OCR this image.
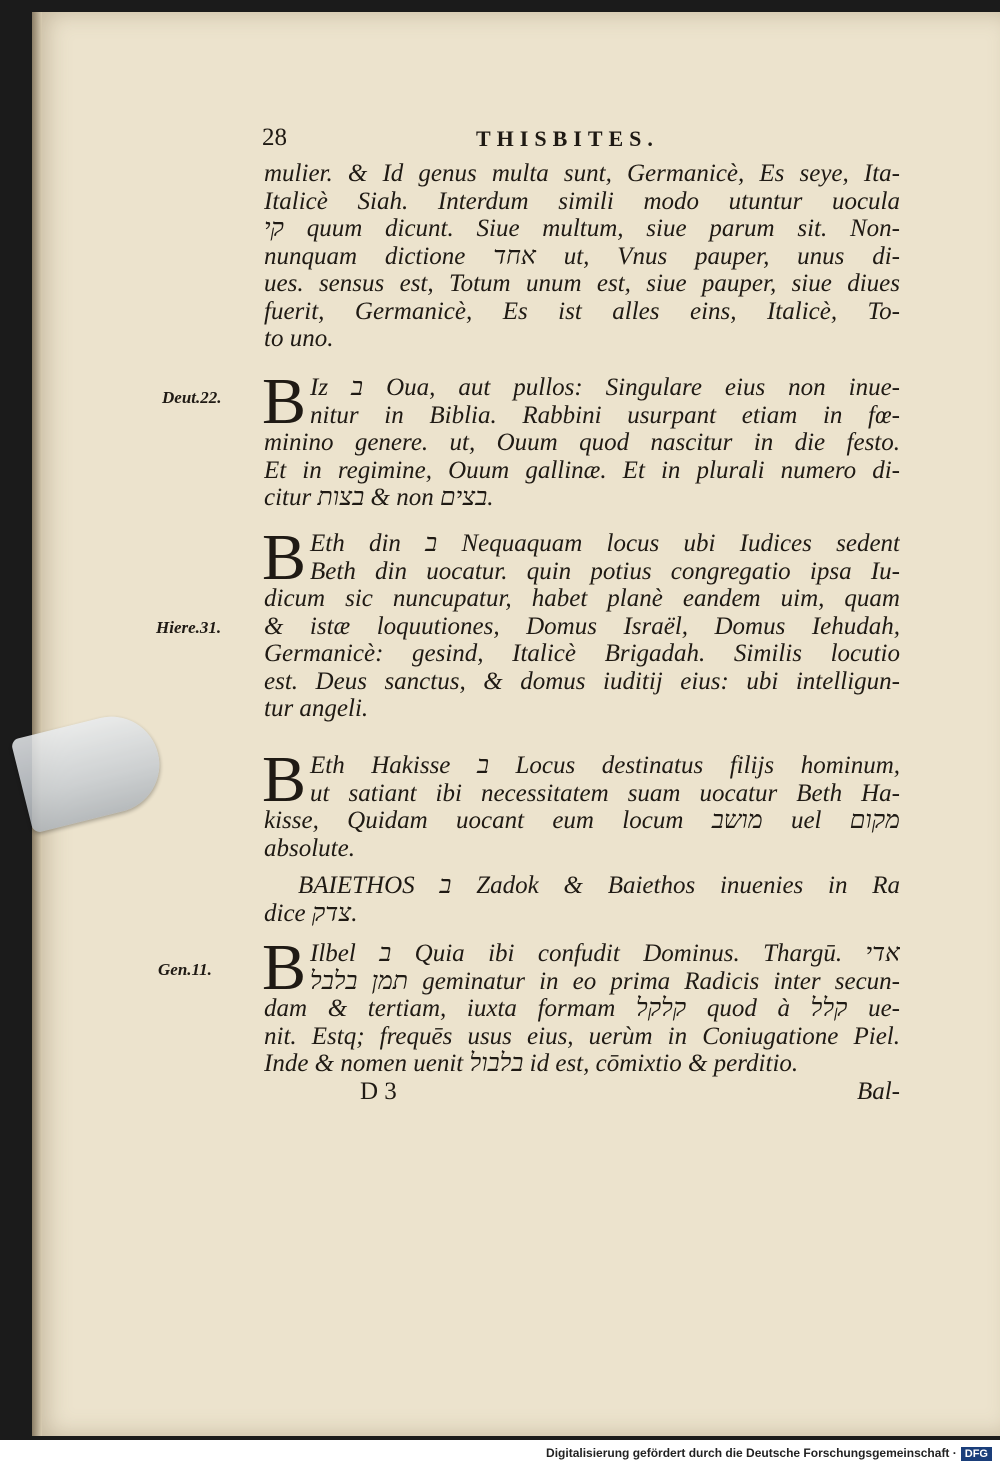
28	THISBITES.
mulier. & Id genus multa sunt, Germanicè, Es seye, Ita-
Italicè Siah. Interdum simili modo utuntur uocula
קי quum dicunt. Siue multum, siue parum sit. Non-
nunquam dictione אחד ut, Vnus pauper, unus di-
ues. sensus est, Totum unum est, siue pauper, siue diues
fuerit, Germanicè, Es ist alles eins, Italicè, To-
to uno.
Deut.22. B Iz ב Oua, aut pullos: Singulare eius non inue-
nitur in Biblia. Rabbini usurpant etiam in fœ-
minino genere. ut, Ouum quod nascitur in die festo.
Et in regimine, Ouum gallinæ. Et in plurali numero di-
citur בצות & non בצים.
Hiere.31.
B Eth din ב Nequaquam locus ubi Iudices sedent
Beth din uocatur. quin potius congregatio ipsa Iu-
dicum sic nuncupatur, habet planè eandem uim, quam
& istæ loquutiones, Domus Israël, Domus Iehudah,
Germanicè: gesind, Italicè Brigadah. Similis locutio
est. Deus sanctus, & domus iuditij eius: ubi intelligun-
tur angeli.
B Eth Hakisse ב Locus destinatus filijs hominum,
ut satiant ibi necessitatem suam uocatur Beth Ha-
kisse, Quidam uocant eum locum מושב uel מקום
absolute.
BAIETHOS ב Zadok & Baiethos inuenies in Ra
dice צדק.
Gen.11. B Ilbel ב Quia ibi confudit Dominus. Thargū. אדי
תמן בלבל geminatur in eo prima Radicis inter secun-
dam & tertiam, iuxta formam קלקל quod à קלל ue-
nit. Estq; frequēs usus eius, uerùm in Coniugatione Piel.
Inde & nomen uenit בלבול id est, cōmixtio & perditio.
D 3	Bal-
Digitalisierung gefördert durch die Deutsche Forschungsgemeinschaft · DFG
